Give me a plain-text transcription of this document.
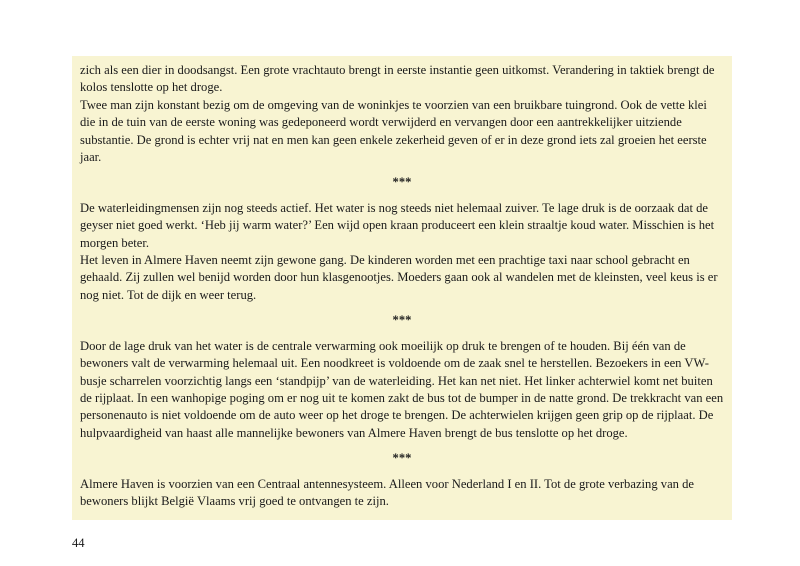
zich als een dier in doodsangst. Een grote vrachtauto brengt in eerste instantie geen uitkomst. Verandering in taktiek brengt de kolos tenslotte op het droge.

Twee man zijn konstant bezig om de omgeving van de woninkjes te voorzien van een bruikbare tuingrond. Ook de vette klei die in de tuin van de eerste woning was gedeponeerd wordt verwijderd en vervangen door een aantrekkelijker uitziende substantie. De grond is echter vrij nat en men kan geen enkele zekerheid geven of er in deze grond iets zal groeien het eerste jaar.

***

De waterleidingmensen zijn nog steeds actief. Het water is nog steeds niet helemaal zuiver. Te lage druk is de oorzaak dat de geyser niet goed werkt. ‘Heb jij warm water?’ Een wijd open kraan produceert een klein straaltje koud water. Misschien is het morgen beter.

Het leven in Almere Haven neemt zijn gewone gang. De kinderen worden met een prachtige taxi naar school gebracht en gehaald. Zij zullen wel benijd worden door hun klasgenootjes. Moeders gaan ook al wandelen met de kleinsten, veel keus is er nog niet. Tot de dijk en weer terug.

***

Door de lage druk van het water is de centrale verwarming ook moeilijk op druk te brengen of te houden. Bij één van de bewoners valt de verwarming helemaal uit. Een noodkreet is voldoende om de zaak snel te herstellen. Bezoekers in een VW-busje scharrelen voorzichtig langs een ‘standpijp’ van de waterleiding. Het kan net niet. Het linker achterwiel komt net buiten de rijplaat. In een wanhopige poging om er nog uit te komen zakt de bus tot de bumper in de natte grond. De trekkracht van een personenauto is niet voldoende om de auto weer op het droge te brengen. De achterwielen krijgen geen grip op de rijplaat. De hulpvaardigheid van haast alle mannelijke bewoners van Almere Haven brengt de bus tenslotte op het droge.

***

Almere Haven is voorzien van een Centraal antennesysteem. Alleen voor Nederland I en II. Tot de grote verbazing van de bewoners blijkt België Vlaams vrij goed te ontvangen te zijn.

44
